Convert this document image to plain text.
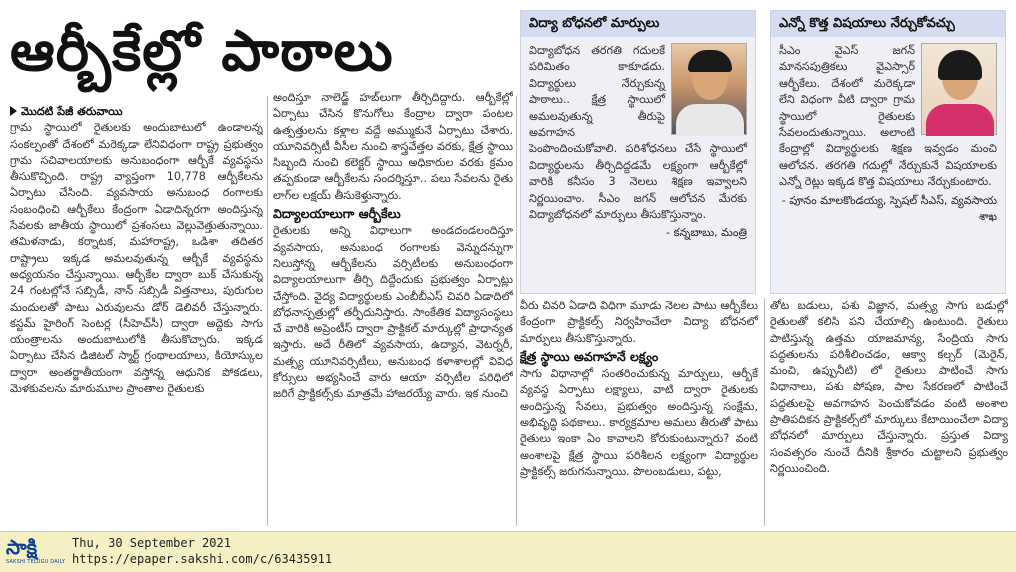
ఆర్బీకేల్లో పాఠాలు
మొదటి పేజీ తరువాయి

గ్రామ స్థాయిలో రైతులకు అందుబాటులో ఉండాలన్న సంకల్పంతో దేశంలో మరెక్కడా లేనివిధంగా రాష్ట్ర ప్రభుత్వం గ్రామ సచివాలయాలకు అనుబంధంగా ఆర్బీకే వ్యవస్థను తీసుకొచ్చింది. రాష్ట్ర వ్యాప్తంగా 10,778 ఆర్బీకేలను ఏర్పాటు చేసింది. వ్యవసాయ అనుబంధ రంగాలకు సంబంధించి ఆర్బీకేలు కేంద్రంగా ఏడాదిన్నరగా అందిస్తున్న సేవలకు జాతీయ స్థాయిలో ప్రశంసలు వెల్లువెత్తుతున్నాయి. తమిళనాడు, కర్నాటక, మహారాష్ట్ర, ఒడిశా తదితర రాష్ట్రాలు ఇక్కడ అమలవుతున్న ఆర్బీకే వ్యవస్థను అధ్యయనం చేస్తున్నాయి. ఆర్బీకేల ద్వారా బుక్ చేసుకున్న 24 గంటల్లోనే సబ్సిడీ, నాన్ సబ్సిడీ విత్తనాలు, పురుగుల మందులతో పాటు ఎరువులను డోర్ డెలివరీ చేస్తున్నారు. కస్టమ్ హైరింగ్ సెంటర్ల (సీహెచ్‌సీ) ద్వారా అద్దెకు సాగు యంత్రాలను అందుబాటులోకి తీసుకొచ్చారు. ఇక్కడ ఏర్పాటు చేసిన డిజిటల్ స్మార్ట్ గ్రంథాలయాలు, కియోస్కుల ద్వారా అంతర్జాతీయంగా వస్తోన్న ఆధునిక పోకడలు, మెళకువలను మారుమూల ప్రాంతాల రైతులకు

అందిస్తూ నాలెడ్జ్ హబ్‌లుగా తీర్చిదిద్దారు. ఆర్బీకేల్లో ఏర్పాటు చేసిన కొనుగోలు కేంద్రాల ద్వారా పంటల ఉత్పత్తులను కళ్లాల వద్దే అమ్ముకునే ఏర్పాటు చేశారు. యూనివర్సిటీ వీసీల నుంచి శాస్త్రవేత్తల వరకు, క్షేత్ర స్థాయి సిబ్బంది నుంచి కలెక్టర్ స్థాయి అధికారుల వరకు క్రమం తప్పకుండా ఆర్బీకేలను సందర్శిస్తూ.. పలు సేవలను రైతు లాగ్‌ల లక్షయ్ తీసుకెళ్తున్నారు.

విద్యాలయాలుగా ఆర్బీకేలు

రైతులకు అన్ని విధాలుగా అండదండలందిస్తూ వ్యవసాయ, అనుబంధ రంగాలకు వెన్నుదన్నుగా నిలుస్తోన్న ఆర్బీకేలను వర్సిటీలకు అనుబంధంగా విద్యాలయాలుగా తీర్చి దిద్దేందుకు ప్రభుత్వం ఏర్పాట్లు చేస్తోంది. వైద్య విద్యార్థులకు ఎంబీబీఎస్ చివరి ఏడాదిలో బోధనాస్పత్రుల్లో తర్ఫీదునిస్తారు. సాంకేతిక విద్యాసంస్థలు చే వారికి అప్రెంటీస్ ద్వారా ప్రాక్టికల్ మార్కుల్లో ప్రాధాన్యత ఇస్తారు. అదే రీతిలో వ్యవసాయ, ఉద్యాన, వెటర్నరీ, మత్స్య యూనివర్సిటీలు, అనుబంధ కళాశాలల్లో వివిధ కోర్సులు అభ్యసించే వారు ఆయా వర్సిటీల పరిధిలో జరిగే ప్రాక్టికల్స్‌కు మాత్రమే హాజరయ్యే వారు. ఇక నుంచి

విద్యా బోధనలో మార్పులు
విద్యాబోధన తరగతి గదులకే పరిమితం కాకూడదు. విద్యార్థులు నేర్చుకున్న పాఠాలు.. క్షేత్ర స్థాయిలో అమలవుతున్న తీరుపై అవగాహన పెంపొందించుకోవాలి. పరిశోధనలు చేసే స్థాయిలో విద్యార్థులను తీర్చిదిద్దడమే లక్ష్యంగా ఆర్బీకేల్లో వారికి కనీసం 3 నెలలు శిక్షణ ఇవ్వాలని నిర్ణయించాం. సీఎం జగన్ ఆలోచన మేరకు విద్యాబోధనలో మార్పులు తీసుకొస్తున్నాం.
- కన్నబాబు, మంత్రి
ఎన్నో కొత్త విషయాలు నేర్చుకోవచ్చు
సీఎం వైఎస్ జగన్ మానసపుత్రికలు వైఎస్సార్ ఆర్బీకేలు. దేశంలో మరెక్కడా లేని విధంగా వీటి ద్వారా గ్రామ స్థాయిలో రైతులకు సేవలందుతున్నాయి. అలాంటి కేంద్రాల్లో విద్యార్థులకు శిక్షణ ఇవ్వడం మంచి ఆలోచన. తరగతి గదుల్లో నేర్చుకునే విషయాలకు ఎన్నో రెట్లు ఇక్కడ కొత్త విషయాలు నేర్చుకుంటారు.
- పూనం మాలకొండయ్య, స్పెషల్ సీఎస్, వ్యవసాయ శాఖ

వీరు చివరి ఏడాది విధిగా మూడు నెలల పాటు ఆర్బీకేలు కేంద్రంగా ప్రాక్టికల్స్ నిర్వహించేలా విద్యా బోధనలో మార్పులు తీసుకొస్తున్నారు.

క్షేత్ర స్థాయి అవగాహనే లక్ష్యం

సాగు విధానాల్లో సంతరించుకున్న మార్పులు, ఆర్బీకే వ్యవస్థ ఏర్పాటు లక్ష్యాలు, వాటి ద్వారా రైతులకు అందిస్తున్న సేవలు, ప్రభుత్వం అందిస్తున్న సంక్షేమ, అభివృద్ధి పథకాలు.. కార్యక్రమాల అమలు తీరుతో పాటు రైతులు ఇంకా ఏం కావాలని కోరుకుంటున్నారు? వంటి అంశాలపై క్షేత్ర స్థాయి పరిశీలన లక్ష్యంగా విద్యార్థుల ప్రాక్టికల్స్ జరుగనున్నాయి. పొలంబడులు, పట్టు,

తోట బడులు, పశు విజ్ఞాన, మత్స్య సాగు బడుల్లో రైతులతో కలిసి పని చేయాల్సి ఉంటుంది. రైతులు పాటిస్తున్న ఉత్తమ యాజమాన్య, సేంద్రియ సాగు పద్ధతులను పరిశీలించడం, ఆక్వా కల్చర్ (మెరైన్, మంచి, ఉప్పునీటి) లో రైతులు పాటించే సాగు విధానాలు, పశు పోషణ, పాల సేకరణలో పాటించే పద్ధతులపై అవగాహన పెంచుకోవడం వంటి అంశాల ప్రాతిపదికన ప్రాక్టికల్స్‌లో మార్కులు కేటాయించేలా విద్యా బోధనలో మార్పులు చేస్తున్నారు. ప్రస్తుత విద్యా సంవత్సరం నుంచే దీనికి శ్రీకారం చుట్టాలని ప్రభుత్వం నిర్ణయించింది.

సాక్షి
SAKSHI TELUGU DAILY
Thu, 30 September 2021
https://epaper.sakshi.com/c/63435911
